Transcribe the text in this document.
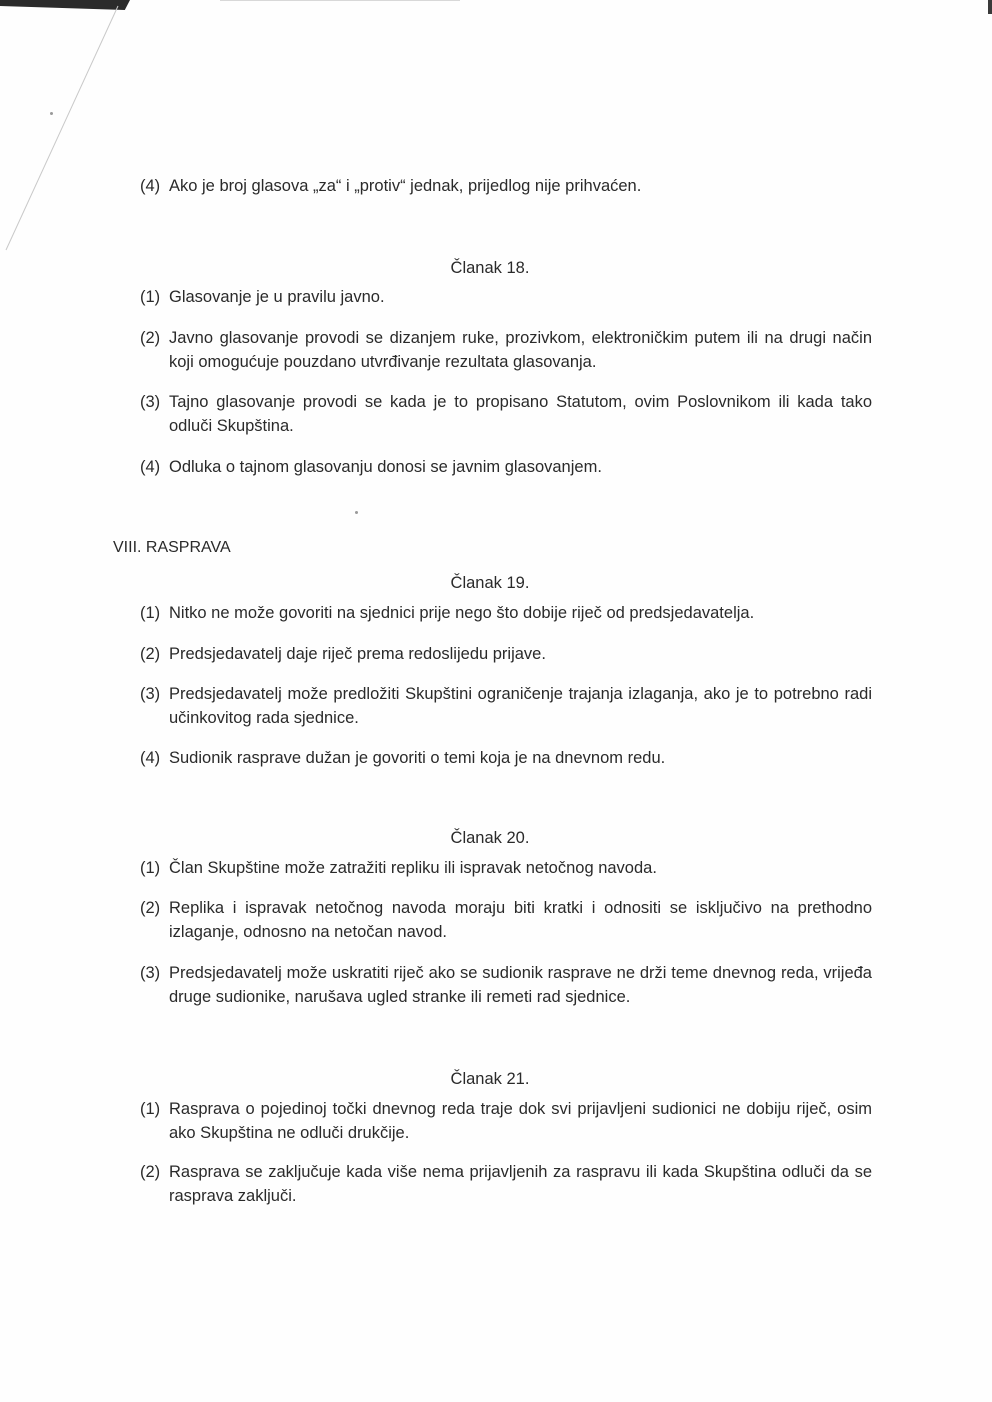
(4) Ako je broj glasova „za“ i „protiv“ jednak, prijedlog nije prihvaćen.
Članak 18.
(1) Glasovanje je u pravilu javno.
(2) Javno glasovanje provodi se dizanjem ruke, prozivkom, elektroničkim putem ili na drugi način koji omogućuje pouzdano utvrđivanje rezultata glasovanja.
(3) Tajno glasovanje provodi se kada je to propisano Statutom, ovim Poslovnikom ili kada tako odluči Skupština.
(4) Odluka o tajnom glasovanju donosi se javnim glasovanjem.
VIII. RASPRAVA
Članak 19.
(1) Nitko ne može govoriti na sjednici prije nego što dobije riječ od predsjedavatelja.
(2) Predsjedavatelj daje riječ prema redoslijedu prijave.
(3) Predsjedavatelj može predložiti Skupštini ograničenje trajanja izlaganja, ako je to potrebno radi učinkovitog rada sjednice.
(4) Sudionik rasprave dužan je govoriti o temi koja je na dnevnom redu.
Članak 20.
(1) Član Skupštine može zatražiti repliku ili ispravak netočnog navoda.
(2) Replika i ispravak netočnog navoda moraju biti kratki i odnositi se isključivo na prethodno izlaganje, odnosno na netočan navod.
(3) Predsjedavatelj može uskratiti riječ ako se sudionik rasprave ne drži teme dnevnog reda, vrijeđa druge sudionike, narušava ugled stranke ili remeti rad sjednice.
Članak 21.
(1) Rasprava o pojedinoj točki dnevnog reda traje dok svi prijavljeni sudionici ne dobiju riječ, osim ako Skupština ne odluči drukčije.
(2) Rasprava se zaključuje kada više nema prijavljenih za raspravu ili kada Skupština odluči da se rasprava zaključi.
